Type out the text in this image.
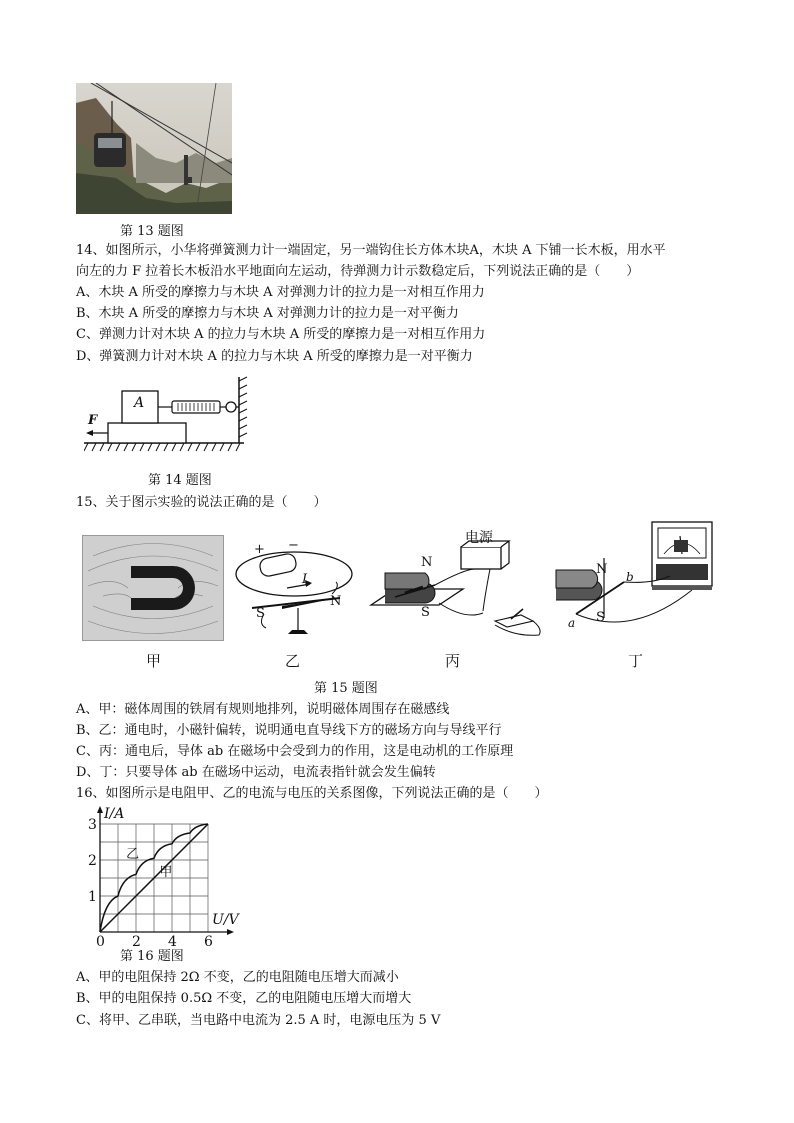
第 13 题图
14、如图所示，小华将弹簧测力计一端固定，另一端钩住长方体木块A，木块 A 下铺一长木板，用水平
向左的力 F 拉着长木板沿水平地面向左运动，待弹测力计示数稳定后，下列说法正确的是（　　）
A、木块 A 所受的摩擦力与木块 A 对弹测力计的拉力是一对相互作用力
B、木块 A 所受的摩擦力与木块 A 对弹测力计的拉力是一对平衡力
C、弹测力计对木块 A 的拉力与木块 A 所受的摩擦力是一对相互作用力
D、弹簧测力计对木块 A 的拉力与木块 A 所受的摩擦力是一对平衡力
A
F
第 14 题图
15、关于图示实验的说法正确的是（　　）
甲
+ −
I
S
N
乙
电源
N
S
丙
N
S
b
a
丁
第 15 题图
A、甲：磁体周围的铁屑有规则地排列，说明磁体周围存在磁感线
B、乙：通电时，小磁针偏转，说明通电直导线下方的磁场方向与导线平行
C、丙：通电后，导体 ab 在磁场中会受到力的作用，这是电动机的工作原理
D、丁：只要导体 ab 在磁场中运动，电流表指针就会发生偏转
16、如图所示是电阻甲、乙的电流与电压的关系图像，下列说法正确的是（　　）
甲
乙
0 2 4 6
1
2
3
U/V
I/A
第 16 题图
A、甲的电阻保持 2Ω 不变，乙的电阻随电压增大而减小
B、甲的电阻保持 0.5Ω 不变，乙的电阻随电压增大而增大
C、将甲、乙串联，当电路中电流为 2.5 A 时，电源电压为 5 V
